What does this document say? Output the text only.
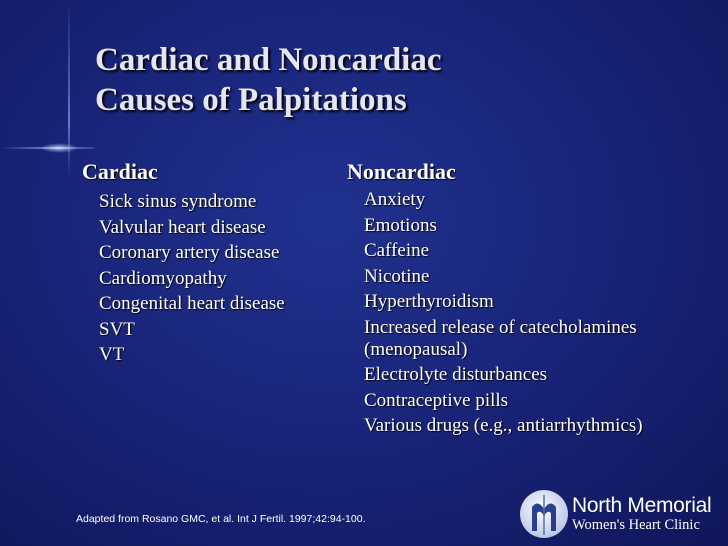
Cardiac and Noncardiac
Causes of Palpitations
Cardiac
Sick sinus syndrome
Valvular heart disease
Coronary artery disease
Cardiomyopathy
Congenital heart disease
SVT
VT
Noncardiac
Anxiety
Emotions
Caffeine
Nicotine
Hyperthyroidism
Increased release of catecholamines (menopausal)
Electrolyte disturbances
Contraceptive pills
Various drugs (e.g., antiarrhythmics)
Adapted from Rosano GMC, et al. Int J Fertil. 1997;42:94-100.
North Memorial
Women's Heart Clinic
